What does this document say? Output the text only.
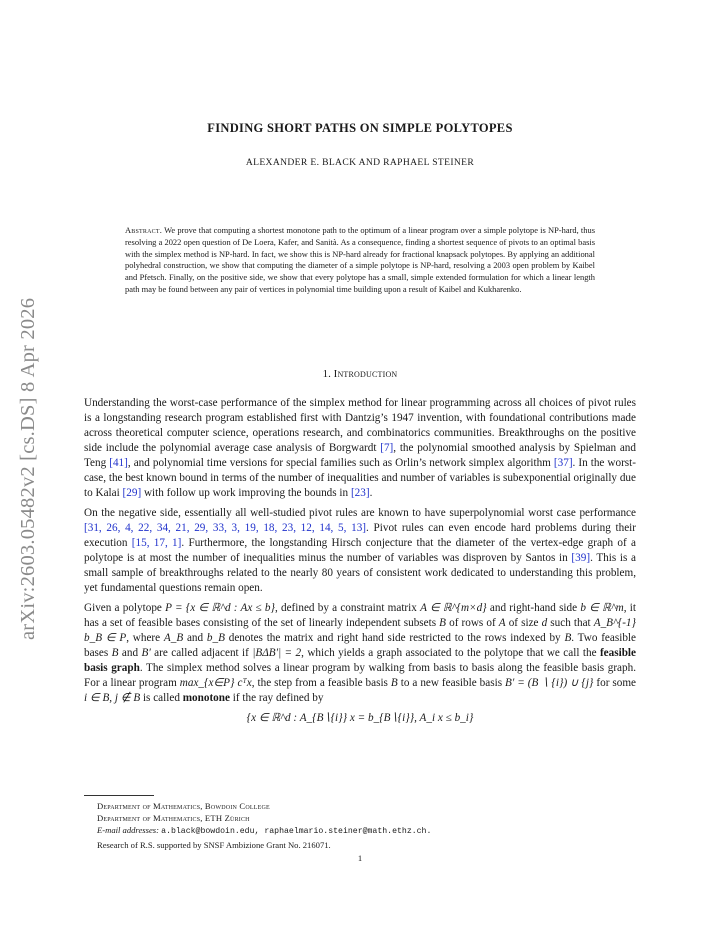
arXiv:2603.05482v2 [cs.DS] 8 Apr 2026
FINDING SHORT PATHS ON SIMPLE POLYTOPES
ALEXANDER E. BLACK AND RAPHAEL STEINER
Abstract. We prove that computing a shortest monotone path to the optimum of a linear program over a simple polytope is NP-hard, thus resolving a 2022 open question of De Loera, Kafer, and Sanità. As a consequence, finding a shortest sequence of pivots to an optimal basis with the simplex method is NP-hard. In fact, we show this is NP-hard already for fractional knapsack polytopes. By applying an additional polyhedral construction, we show that computing the diameter of a simple polytope is NP-hard, resolving a 2003 open problem by Kaibel and Pfetsch. Finally, on the positive side, we show that every polytope has a small, simple extended formulation for which a linear length path may be found between any pair of vertices in polynomial time building upon a result of Kaibel and Kukharenko.
1. Introduction

Understanding the worst-case performance of the simplex method for linear programming across all choices of pivot rules is a longstanding research program established first with Dantzig’s 1947 invention, with foundational contributions made across theoretical computer science, operations research, and combinatorics communities. Breakthroughs on the positive side include the polynomial average case analysis of Borgwardt [7], the polynomial smoothed analysis by Spielman and Teng [41], and polynomial time versions for special families such as Orlin’s network simplex algorithm [37]. In the worst-case, the best known bound in terms of the number of inequalities and number of variables is subexponential originally due to Kalai [29] with follow up work improving the bounds in [23].

On the negative side, essentially all well-studied pivot rules are known to have superpolynomial worst case performance [31, 26, 4, 22, 34, 21, 29, 33, 3, 19, 18, 23, 12, 14, 5, 13]. Pivot rules can even encode hard problems during their execution [15, 17, 1]. Furthermore, the longstanding Hirsch conjecture that the diameter of the vertex-edge graph of a polytope is at most the number of inequalities minus the number of variables was disproven by Santos in [39]. This is a small sample of breakthroughs related to the nearly 80 years of consistent work dedicated to understanding this problem, yet fundamental questions remain open.

Given a polytope P = {x ∈ ℝ^d : Ax ≤ b}, defined by a constraint matrix A ∈ ℝ^{m×d} and right-hand side b ∈ ℝ^m, it has a set of feasible bases consisting of the set of linearly independent subsets B of rows of A of size d such that A_B^{-1} b_B ∈ P, where A_B and b_B denotes the matrix and right hand side restricted to the rows indexed by B. Two feasible bases B and B′ are called adjacent if |BΔB′| = 2, which yields a graph associated to the polytope that we call the feasible basis graph. The simplex method solves a linear program by walking from basis to basis along the feasible basis graph. For a linear program max_{x∈P} cᵀx, the step from a feasible basis B to a new feasible basis B′ = (B ∖ {i}) ∪ {j} for some i ∈ B, j ∉ B is called monotone if the ray defined by

{x ∈ ℝ^d : A_{B∖{i}} x = b_{B∖{i}}, A_i x ≤ b_i}

Department of Mathematics, Bowdoin College
Department of Mathematics, ETH Zürich
E-mail addresses: a.black@bowdoin.edu, raphaelmario.steiner@math.ethz.ch.
Research of R.S. supported by SNSF Ambizione Grant No. 216071.
1
